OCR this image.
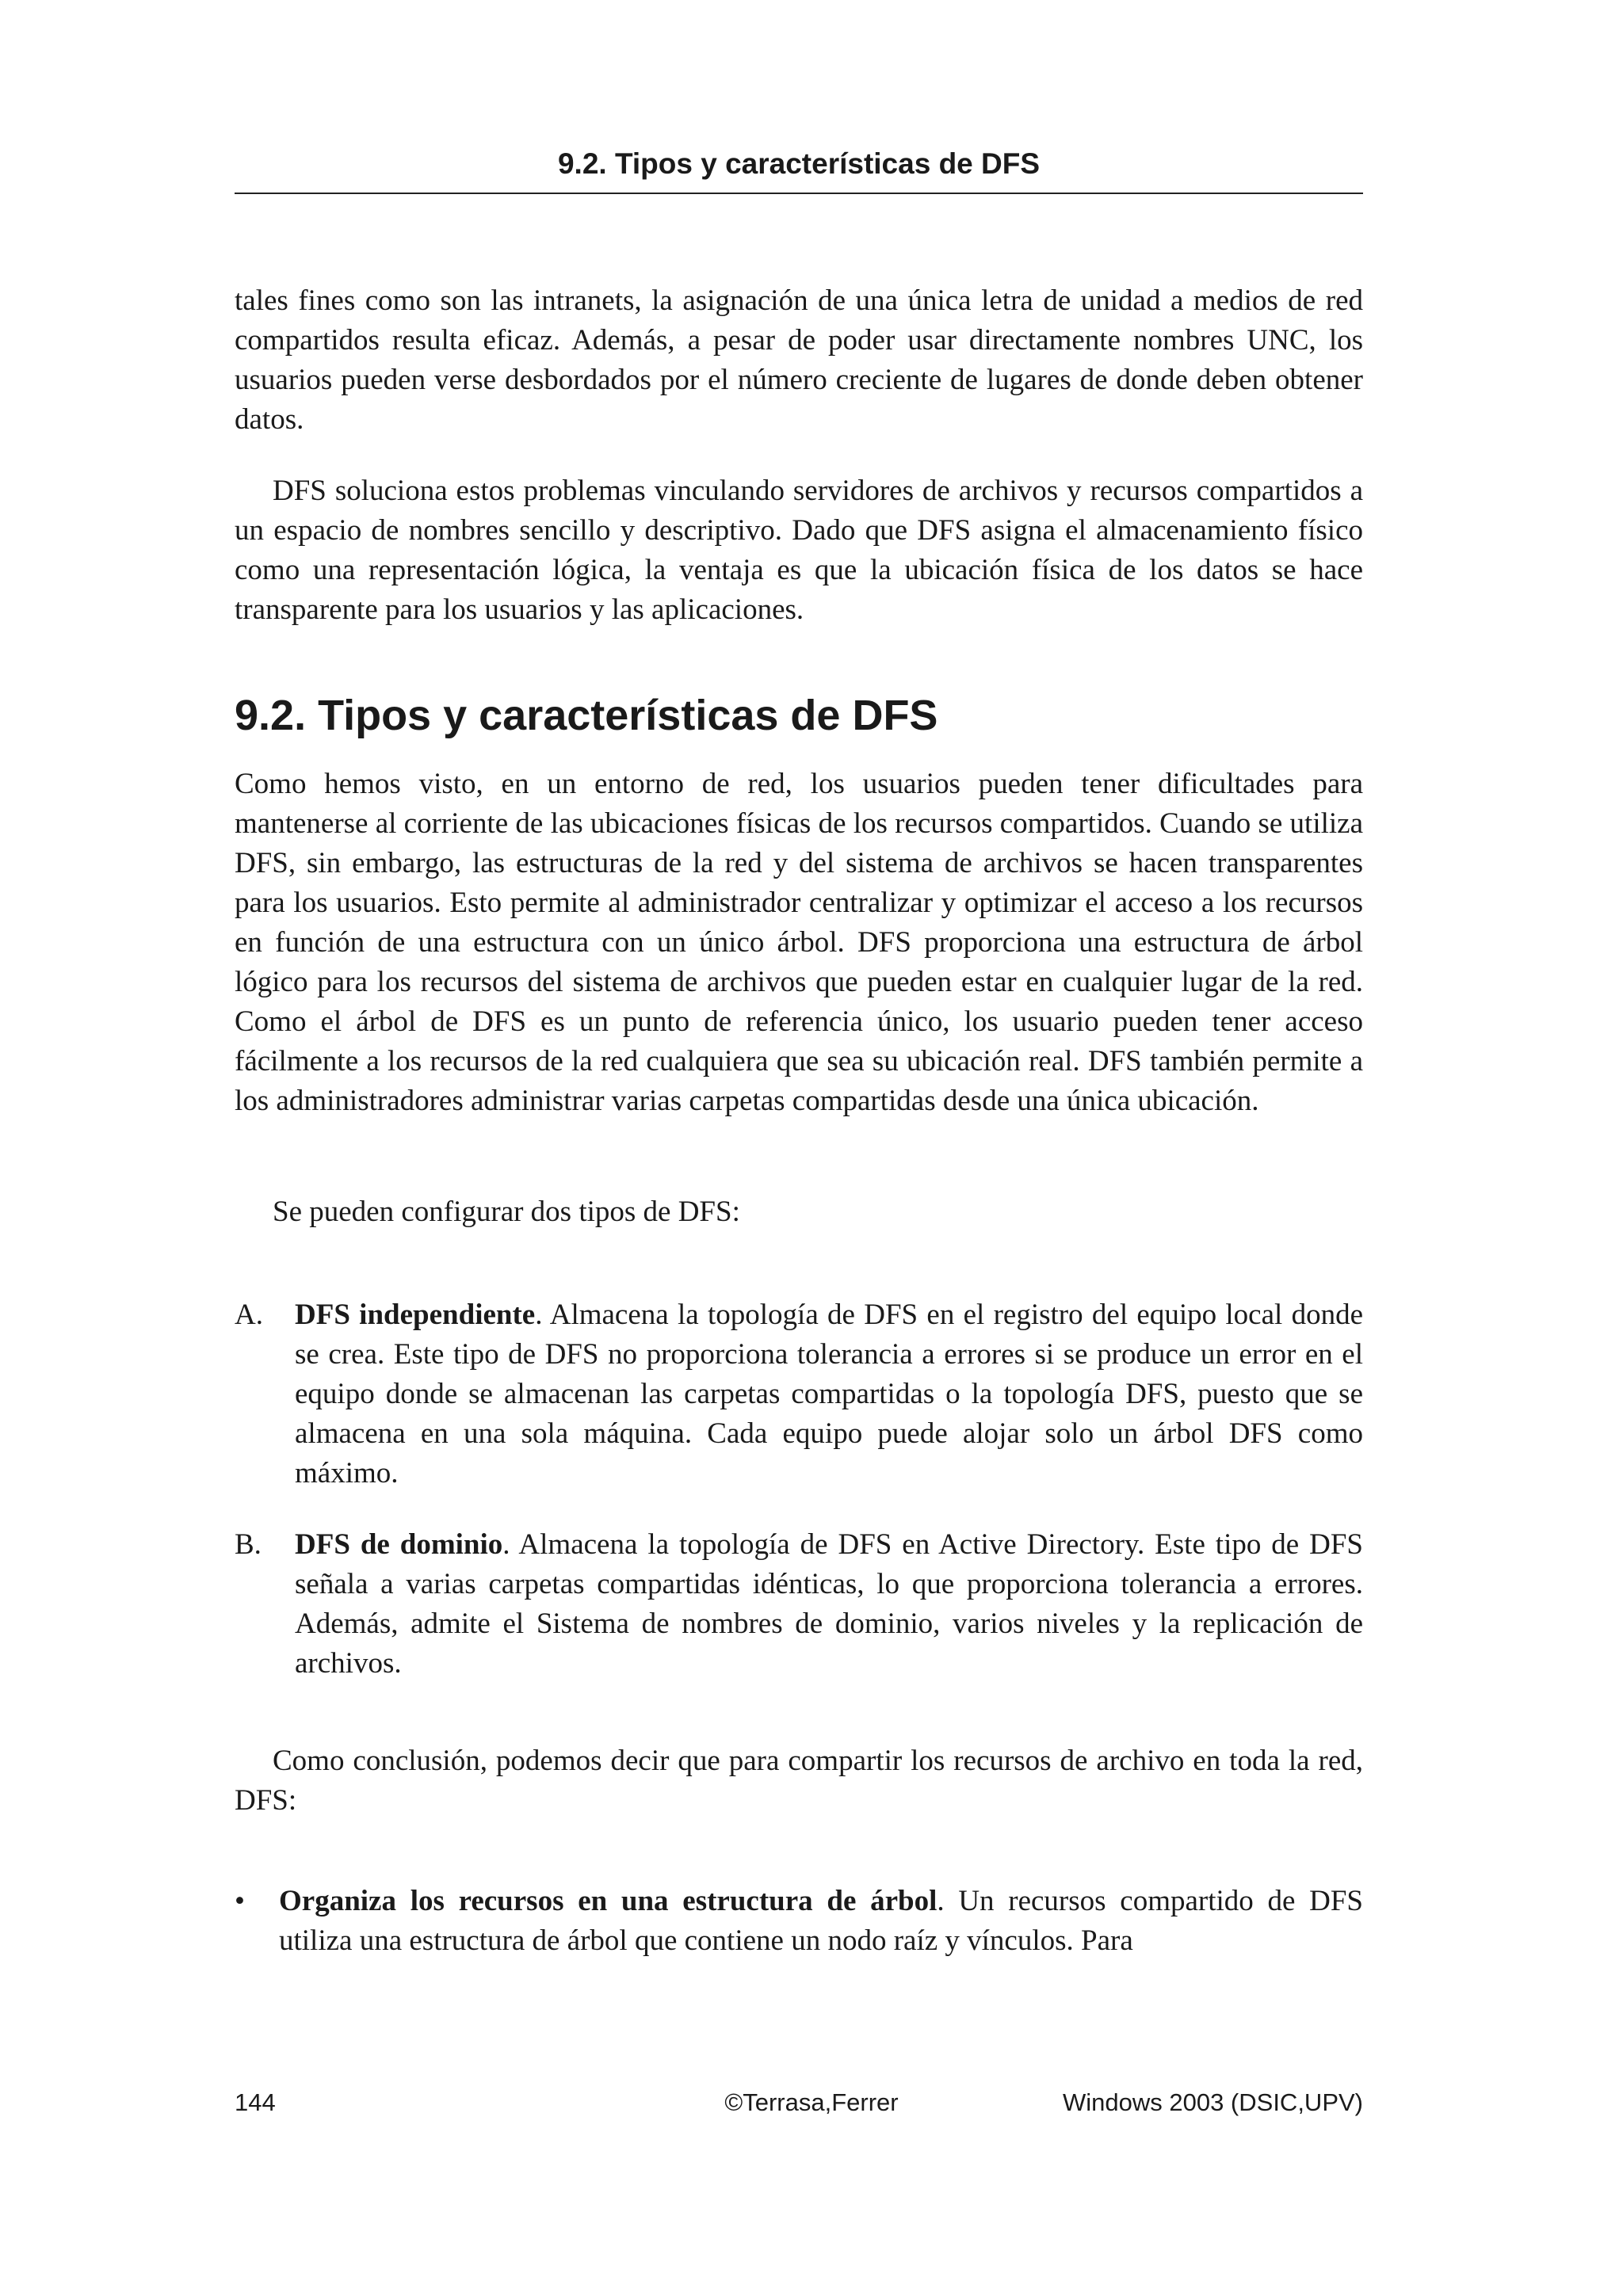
9.2. Tipos y características de DFS

tales fines como son las intranets, la asignación de una única letra de unidad a medios de red compartidos resulta eficaz. Además, a pesar de poder usar directamente nombres UNC, los usuarios pueden verse desbordados por el número creciente de lugares de donde deben obtener datos.

DFS soluciona estos problemas vinculando servidores de archivos y recursos compartidos a un espacio de nombres sencillo y descriptivo. Dado que DFS asigna el almacenamiento físico como una representación lógica, la ventaja es que la ubicación física de los datos se hace transparente para los usuarios y las aplicaciones.

9.2. Tipos y características de DFS

Como hemos visto, en un entorno de red, los usuarios pueden tener dificultades para mantenerse al corriente de las ubicaciones físicas de los recursos compartidos. Cuando se utiliza DFS, sin embargo, las estructuras de la red y del sistema de archivos se hacen transparentes para los usuarios. Esto permite al administrador centralizar y optimizar el acceso a los recursos en función de una estructura con un único árbol. DFS proporciona una estructura de árbol lógico para los recursos del sistema de archivos que pueden estar en cualquier lugar de la red. Como el árbol de DFS es un punto de referencia único, los usuario pueden tener acceso fácilmente a los recursos de la red cualquiera que sea su ubicación real. DFS también permite a los administradores administrar varias carpetas compartidas desde una única ubicación.

Se pueden configurar dos tipos de DFS:

A. DFS independiente. Almacena la topología de DFS en el registro del equipo local donde se crea. Este tipo de DFS no proporciona tolerancia a errores si se produce un error en el equipo donde se almacenan las carpetas compartidas o la topología DFS, puesto que se almacena en una sola máquina. Cada equipo puede alojar solo un árbol DFS como máximo.
B. DFS de dominio. Almacena la topología de DFS en Active Directory. Este tipo de DFS señala a varias carpetas compartidas idénticas, lo que proporciona tolerancia a errores. Además, admite el Sistema de nombres de dominio, varios niveles y la replicación de archivos.

Como conclusión, podemos decir que para compartir los recursos de archivo en toda la red, DFS:

• Organiza los recursos en una estructura de árbol. Un recursos compartido de DFS utiliza una estructura de árbol que contiene un nodo raíz y vínculos. Para
144	©Terrasa,Ferrer	Windows 2003 (DSIC,UPV)
